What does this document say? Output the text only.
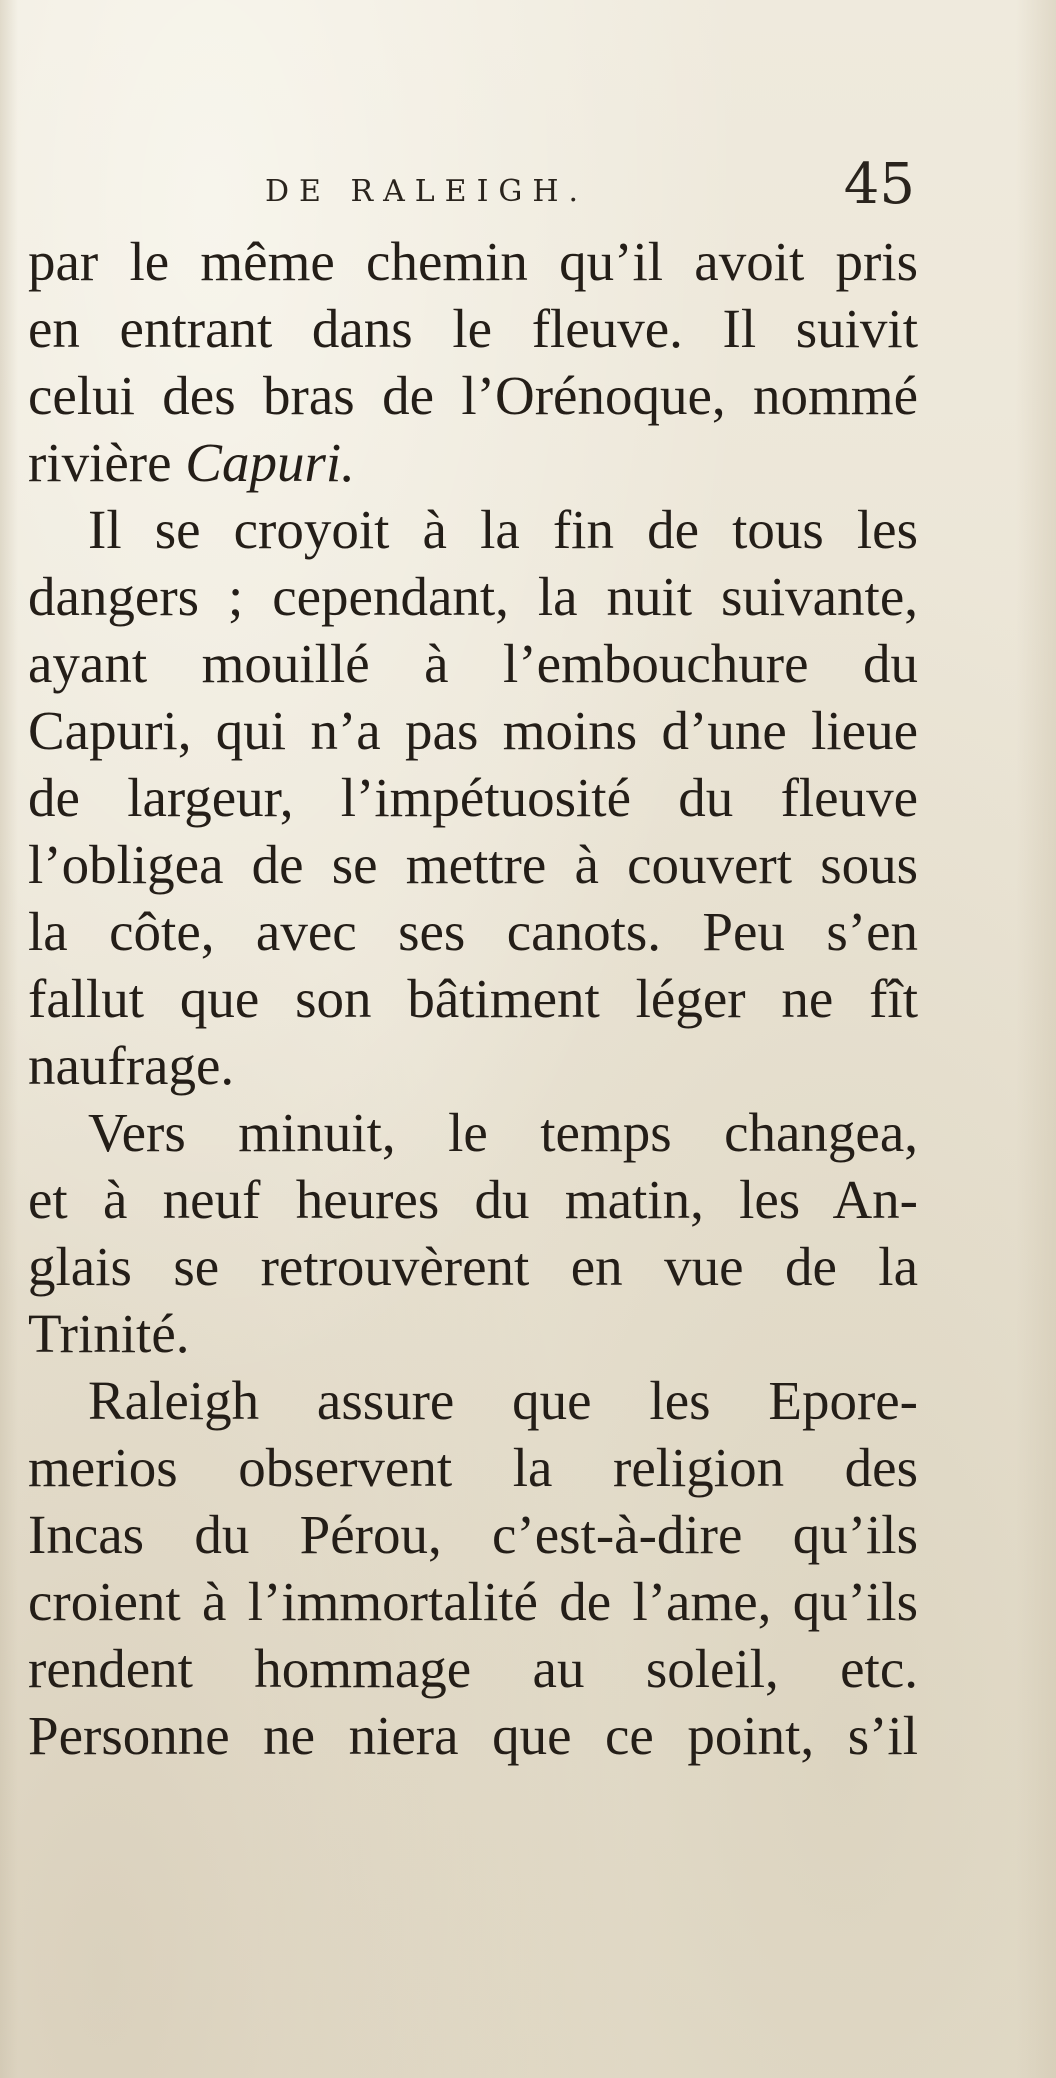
DE RALEIGH.	45
par le même chemin qu’il avoit pris
en entrant dans le fleuve. Il suivit
celui des bras de l’Orénoque, nommé
rivière Capuri.
Il se croyoit à la fin de tous les
dangers ; cependant, la nuit suivante,
ayant mouillé à l’embouchure du
Capuri, qui n’a pas moins d’une lieue
de largeur, l’impétuosité du fleuve
l’obligea de se mettre à couvert sous
la côte, avec ses canots. Peu s’en
fallut que son bâtiment léger ne fît
naufrage.
Vers minuit, le temps changea,
et à neuf heures du matin, les An-
glais se retrouvèrent en vue de la
Trinité.
Raleigh assure que les Epore-
merios observent la religion des
Incas du Pérou, c’est-à-dire qu’ils
croient à l’immortalité de l’ame, qu’ils
rendent hommage au soleil, etc.
Personne ne niera que ce point, s’il
